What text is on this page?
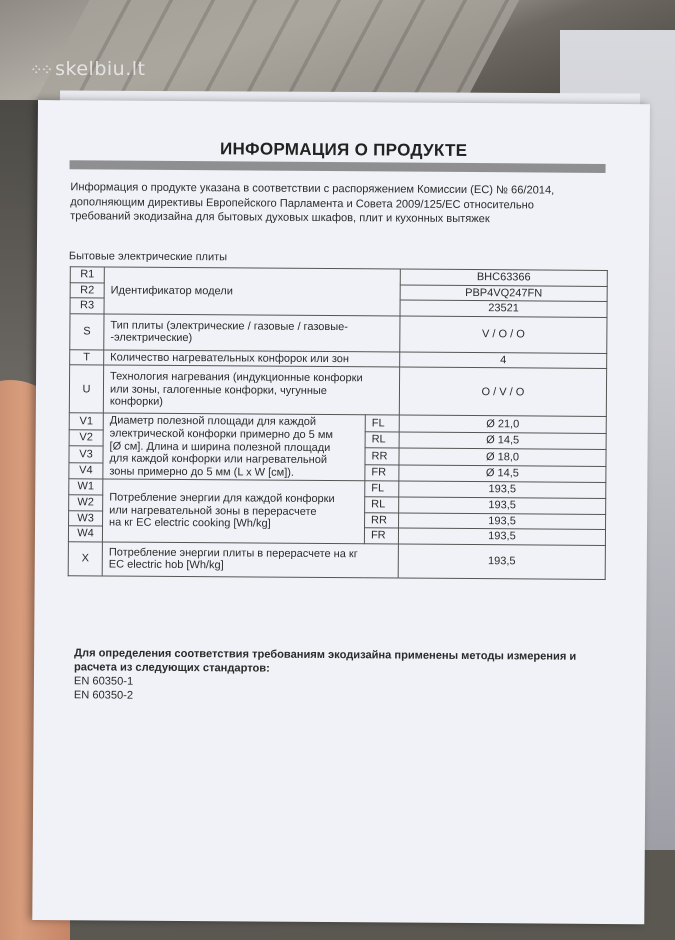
⁘⁘ skelbiu.lt
ИНФОРМАЦИЯ О ПРОДУКТЕ
Информация о продукте указана в соответствии с распоряжением Комиссии (ЕС) № 66/2014,
дополняющим директивы Европейского Парламента и Совета 2009/125/ЕС относительно
требований экодизайна для бытовых духовых шкафов, плит и кухонных вытяжек
Бытовые электрические плиты
R1	Идентификатор модели		BHC63366
R2			PBP4VQ247FN
R3			23521
S	Тип плиты (электрические / газовые / газовые-
-электрические)		V / O / O
T	Количество нагревательных конфорок или зон		4
U	Технология нагревания (индукционные конфорки
или зоны, галогенные конфорки, чугунные
конфорки)		O / V / O
V1	Диаметр полезной площади для каждой
электрической конфорки примерно до 5 мм
[Ø см]. Длина и ширина полезной площади
для каждой конфорки или нагревательной
зоны примерно до 5 мм (L x W [см]).	FL	Ø 21,0
V2		RL	Ø 14,5
V3		RR	Ø 18,0
V4		FR	Ø 14,5
W1	Потребление энергии для каждой конфорки
или нагревательной зоны в перерасчете
на кг EC electric cooking [Wh/kg]	FL	193,5
W2		RL	193,5
W3		RR	193,5
W4		FR	193,5
X	Потребление энергии плиты в перерасчете на кг
EC electric hob [Wh/kg]		193,5
Для определения соответствия требованиям экодизайна применены методы измерения и расчета из следующих стандартов:
EN 60350-1
EN 60350-2
